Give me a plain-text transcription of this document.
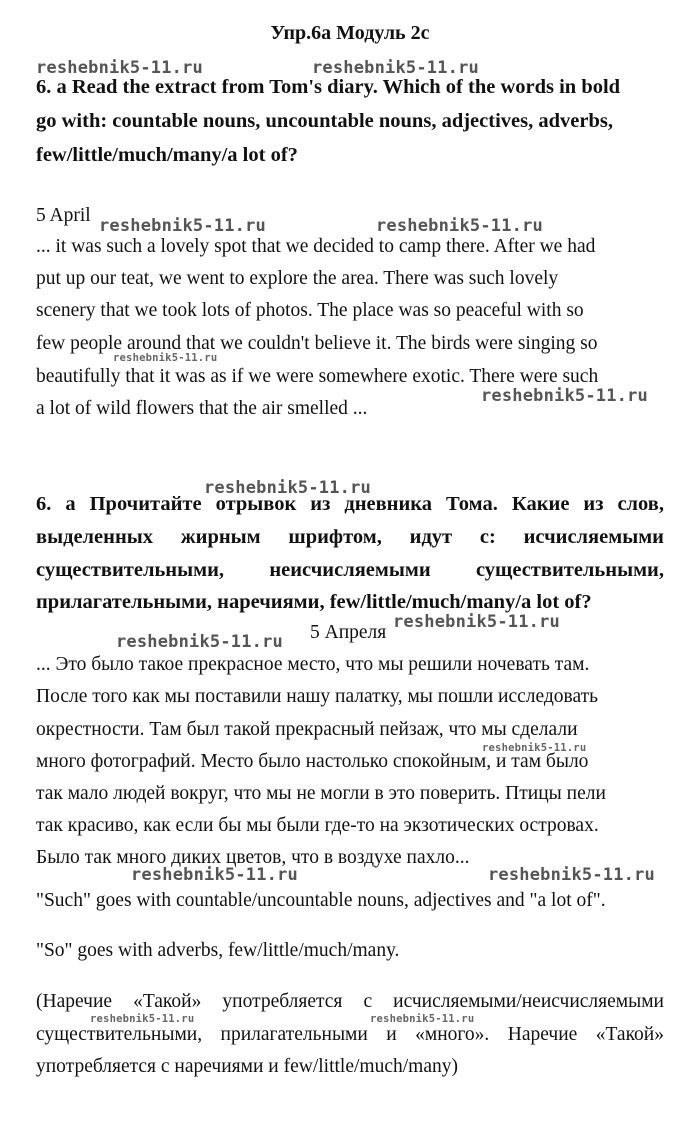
Упр.6а Модуль 2с
reshebnik5-11.ru	reshebnik5-11.ru
reshebnik5-11.ru	reshebnik5-11.ru
reshebnik5-11.ru
reshebnik5-11.ru
reshebnik5-11.ru
reshebnik5-11.ru
reshebnik5-11.ru
reshebnik5-11.ru
reshebnik5-11.ru	reshebnik5-11.ru
reshebnik5-11.ru	reshebnik5-11.ru
6. a Read the extract from Tom's diary. Which of the words in bold
go with: countable nouns, uncountable nouns, adjectives, adverbs,
few/little/much/many/a lot of?
5 April
... it was such a lovely spot that we decided to camp there. After we had
put up our teat, we went to explore the area. There was such lovely
scenery that we took lots of photos. The place was so peaceful with so
few people around that we couldn't believe it. The birds were singing so
beautifully that it was as if we were somewhere exotic. There were such
a lot of wild flowers that the air smelled ...
6. а Прочитайте отрывок из дневника Тома. Какие из слов,
выделенных жирным шрифтом, идут с: исчисляемыми
существительными, неисчисляемыми существительными,
прилагательными, наречиями, few/little/much/many/a lot of?
5 Апреля
... Это было такое прекрасное место, что мы решили ночевать там.
После того как мы поставили нашу палатку, мы пошли исследовать
окрестности. Там был такой прекрасный пейзаж, что мы сделали
много фотографий. Место было настолько спокойным, и там было
так мало людей вокруг, что мы не могли в это поверить. Птицы пели
так красиво, как если бы мы были где-то на экзотических островах.
Было так много диких цветов, что в воздухе пахло...
"Such" goes with countable/uncountable nouns, adjectives and "a lot of".
"So" goes with adverbs, few/little/much/many.
(Наречие «Такой» употребляется с исчисляемыми/неисчисляемыми
существительными, прилагательными и «много». Наречие «Такой»
употребляется с наречиями и few/little/much/many)
